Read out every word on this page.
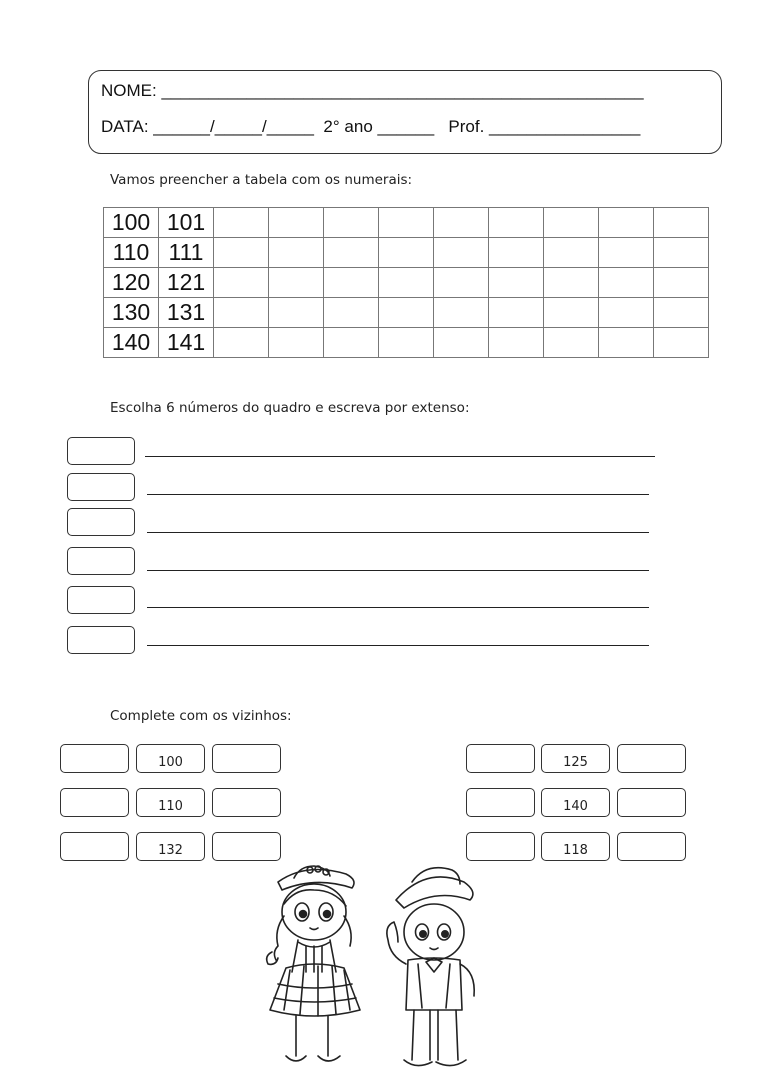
NOME: ___________________________________________________
DATA: ______/_____/_____  2° ano ______   Prof. ________________
Vamos preencher a tabela com os numerais:
100	101									
110	111									
120	121									
130	131									
140	141									
Escolha 6 números do quadro e escreva por extenso:
Complete com os vizinhos:
100
110
132
125
140
118
